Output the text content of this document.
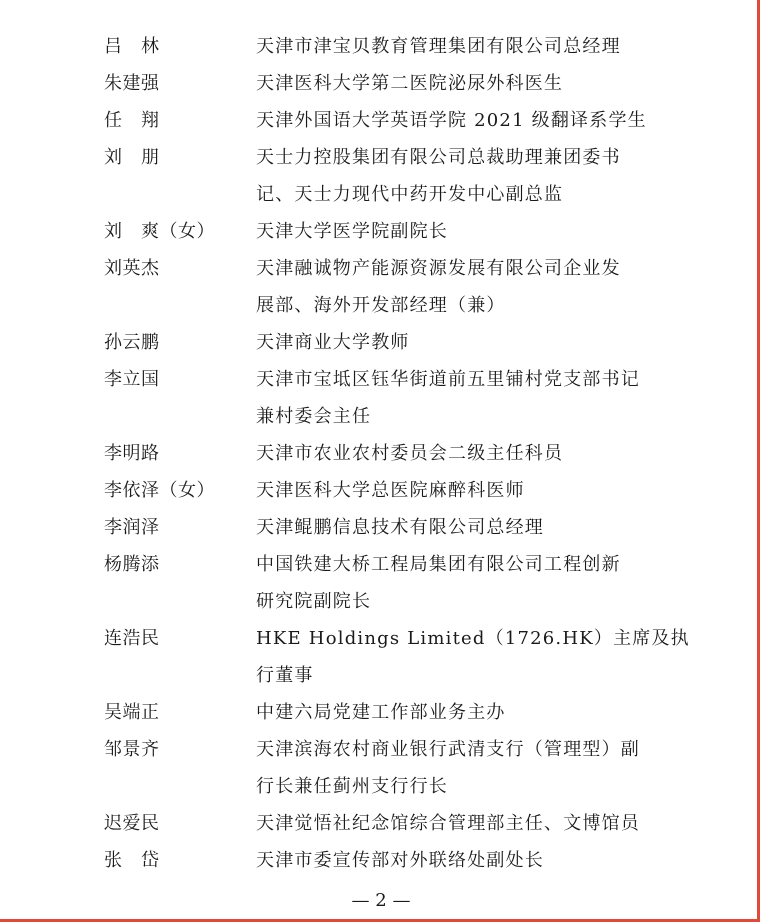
吕　林	天津市津宝贝教育管理集团有限公司总经理
朱建强	天津医科大学第二医院泌尿外科医生
任　翔	天津外国语大学英语学院 2021 级翻译系学生
刘　朋	天士力控股集团有限公司总裁助理兼团委书
记、天士力现代中药开发中心副总监
刘　爽（女） 天津大学医学院副院长
刘英杰	天津融诚物产能源资源发展有限公司企业发
展部、海外开发部经理（兼）
孙云鹏	天津商业大学教师
李立国	天津市宝坻区钰华街道前五里铺村党支部书记
兼村委会主任
李明路	天津市农业农村委员会二级主任科员
李依泽（女） 天津医科大学总医院麻醉科医师
李润泽	天津鲲鹏信息技术有限公司总经理
杨腾添	中国铁建大桥工程局集团有限公司工程创新
研究院副院长
连浩民	HKE Holdings Limited（1726.HK）主席及执
行董事
吴端正	中建六局党建工作部业务主办
邹景齐	天津滨海农村商业银行武清支行（管理型）副
行长兼任蓟州支行行长
迟爱民	天津觉悟社纪念馆综合管理部主任、文博馆员
张　岱	天津市委宣传部对外联络处副处长
— 2 —
